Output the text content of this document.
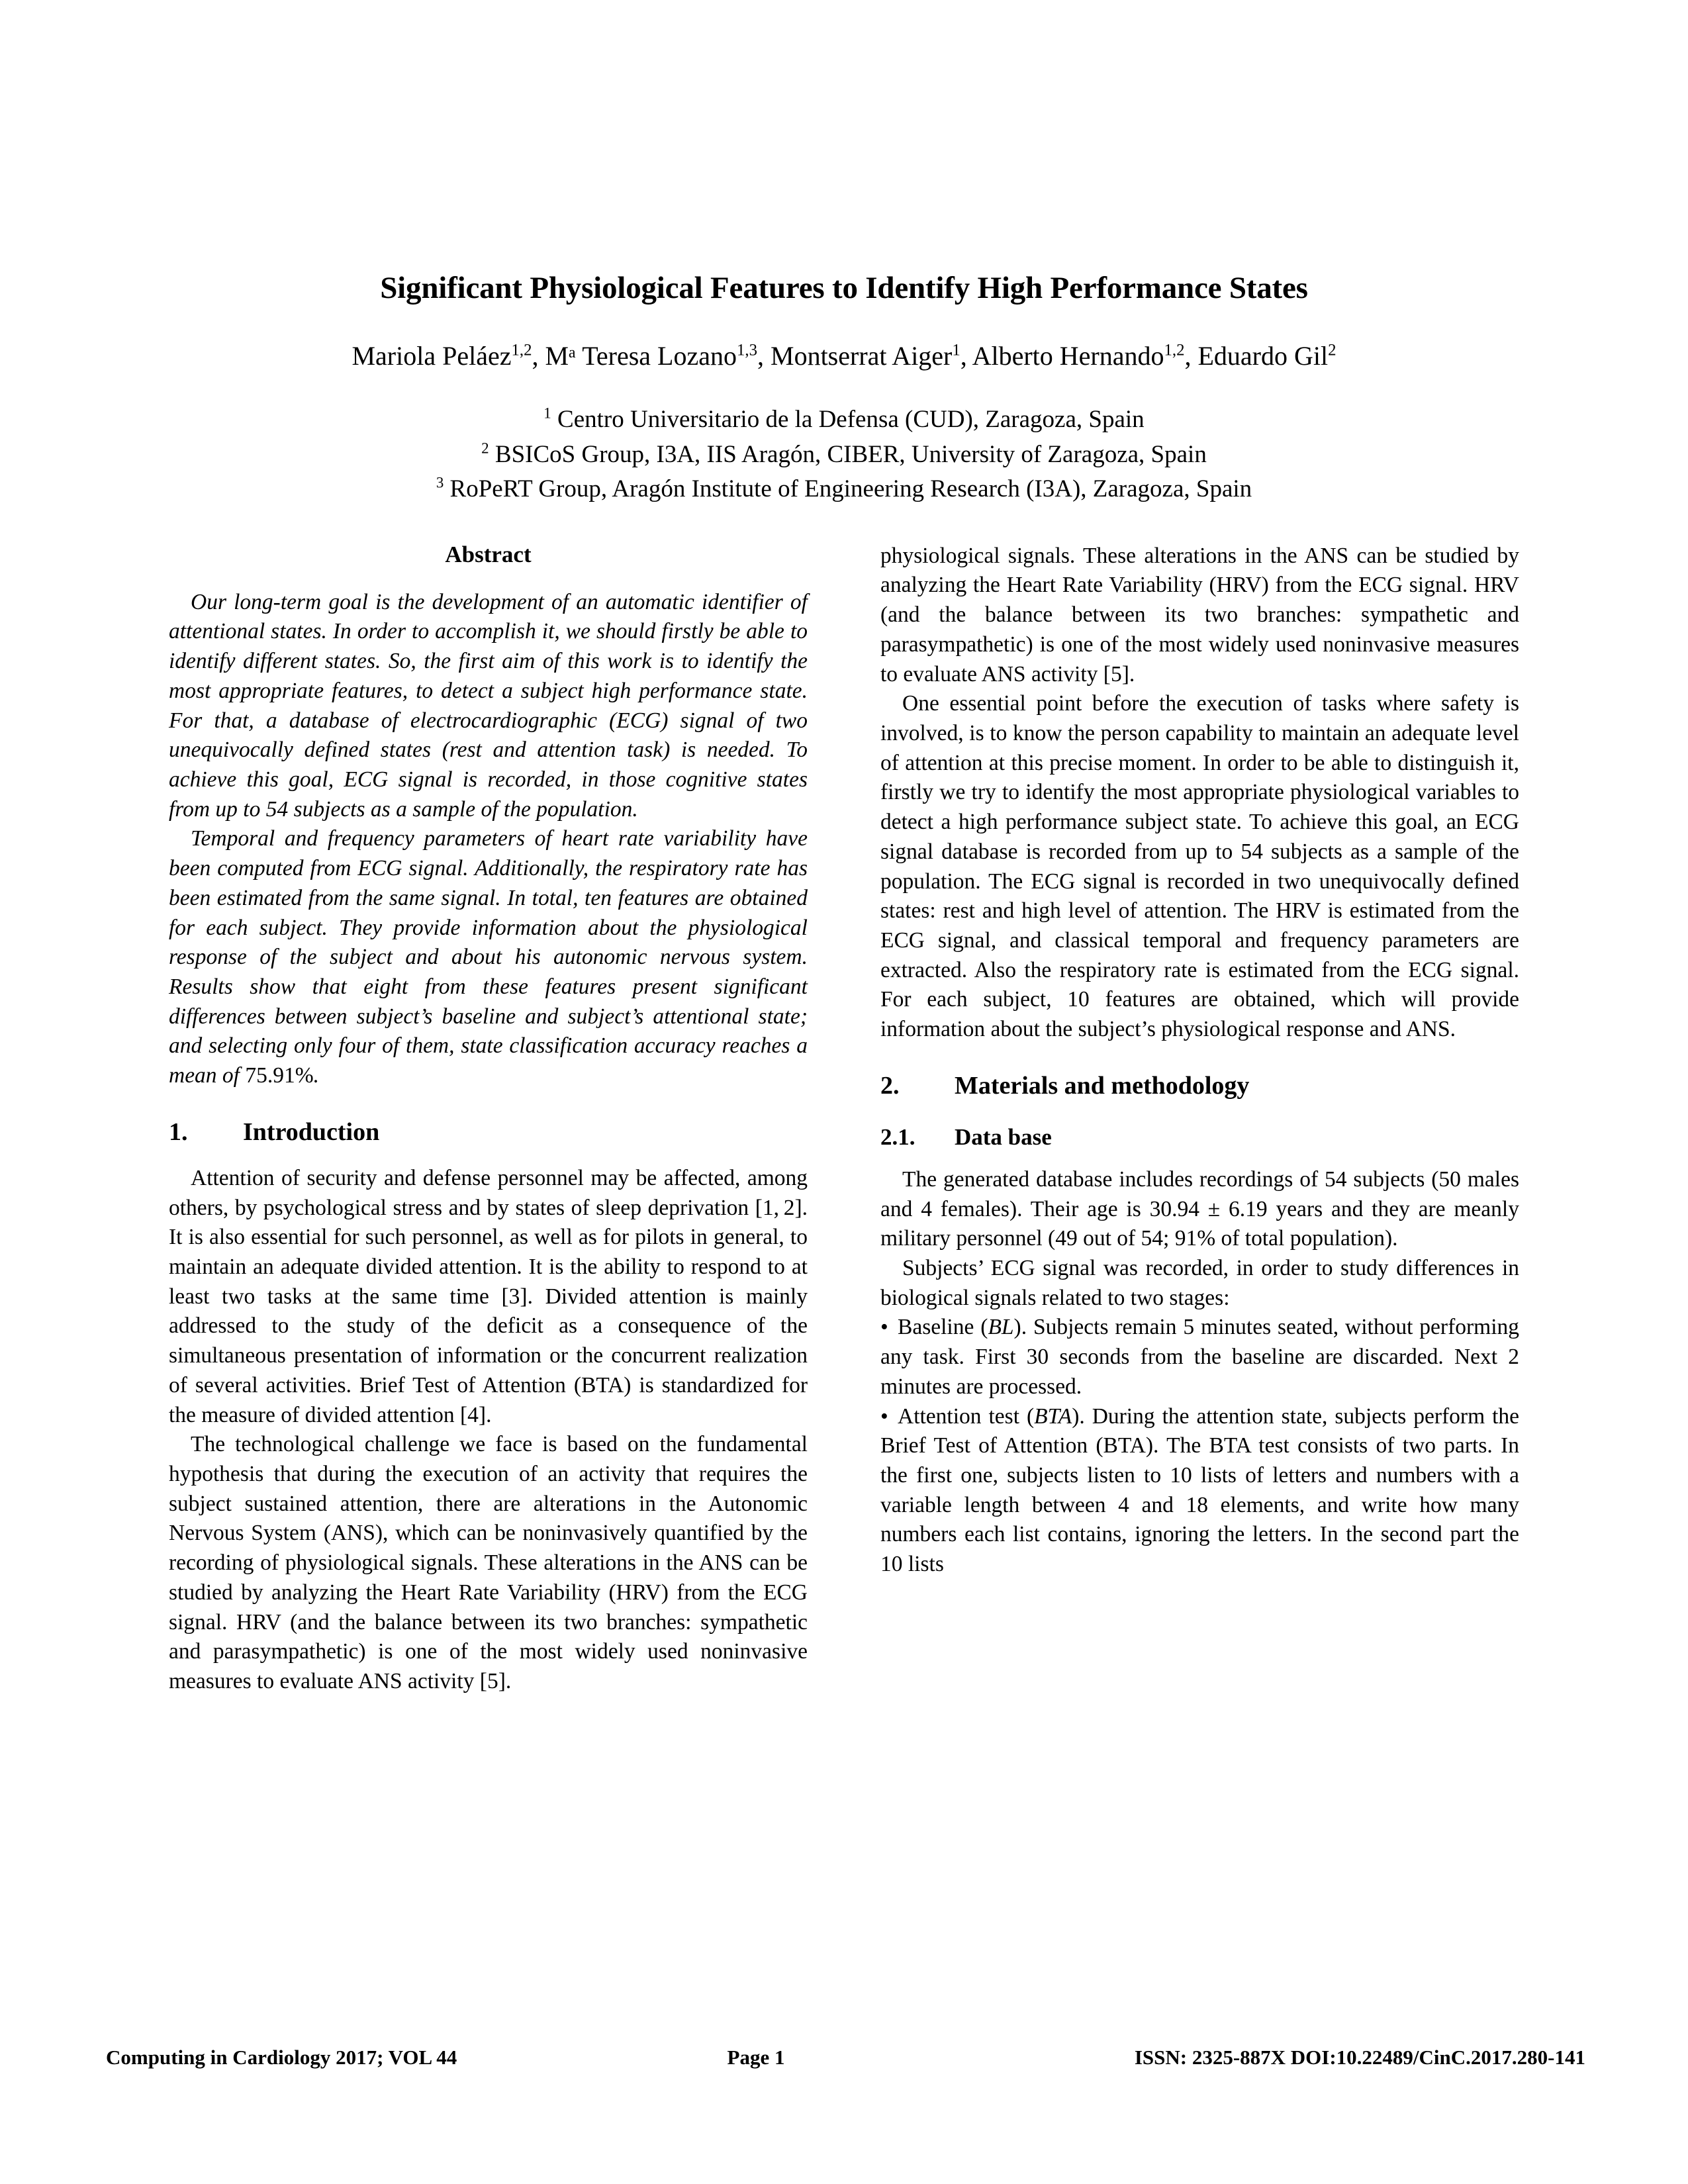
Significant Physiological Features to Identify High Performance States
Mariola Peláez$^{1,2}$, Mᵃ Teresa Lozano$^{1,3}$, Montserrat Aiger$^1$, Alberto Hernando$^{1,2}$, Eduardo Gil$^2$
$^1$ Centro Universitario de la Defensa (CUD), Zaragoza, Spain
$^2$ BSICoS Group, I3A, IIS Aragón, CIBER, University of Zaragoza, Spain
$^3$ RoPeRT Group, Aragón Institute of Engineering Research (I3A), Zaragoza, Spain
Abstract

Our long-term goal is the development of an automatic identifier of attentional states. In order to accomplish it, we should firstly be able to identify different states. So, the first aim of this work is to identify the most appropriate features, to detect a subject high performance state. For that, a database of electrocardiographic (ECG) signal of two unequivocally defined states (rest and attention task) is needed. To achieve this goal, ECG signal is recorded, in those cognitive states from up to 54 subjects as a sample of the population.

Temporal and frequency parameters of heart rate variability have been computed from ECG signal. Additionally, the respiratory rate has been estimated from the same signal. In total, ten features are obtained for each subject. They provide information about the physiological response of the subject and about his autonomic nervous system. Results show that eight from these features present significant differences between subject’s baseline and subject’s attentional state; and selecting only four of them, state classification accuracy reaches a mean of 75.91%.

1.	Introduction

Attention of security and defense personnel may be affected, among others, by psychological stress and by states of sleep deprivation [1, 2]. It is also essential for such personnel, as well as for pilots in general, to maintain an adequate divided attention. It is the ability to respond to at least two tasks at the same time [3]. Divided attention is mainly addressed to the study of the deficit as a consequence of the simultaneous presentation of information or the concurrent realization of several activities. Brief Test of Attention (BTA) is standardized for the measure of divided attention [4].

The technological challenge we face is based on the fundamental hypothesis that during the execution of an activity that requires the subject sustained attention, there are alterations in the Autonomic Nervous System (ANS), which can be noninvasively quantified by the recording of physiological signals. These alterations in the ANS can be studied by analyzing the Heart Rate Variability (HRV) from the ECG signal. HRV (and the balance between its two branches: sympathetic and parasympathetic) is one of the most widely used noninvasive measures to evaluate ANS activity [5].

physiological signals. These alterations in the ANS can be studied by analyzing the Heart Rate Variability (HRV) from the ECG signal. HRV (and the balance between its two branches: sympathetic and parasympathetic) is one of the most widely used noninvasive measures to evaluate ANS activity [5].

One essential point before the execution of tasks where safety is involved, is to know the person capability to maintain an adequate level of attention at this precise moment. In order to be able to distinguish it, firstly we try to identify the most appropriate physiological variables to detect a high performance subject state. To achieve this goal, an ECG signal database is recorded from up to 54 subjects as a sample of the population. The ECG signal is recorded in two unequivocally defined states: rest and high level of attention. The HRV is estimated from the ECG signal, and classical temporal and frequency parameters are extracted. Also the respiratory rate is estimated from the ECG signal. For each subject, 10 features are obtained, which will provide information about the subject’s physiological response and ANS.

2.	Materials and methodology
2.1.	Data base

The generated database includes recordings of 54 subjects (50 males and 4 females). Their age is 30.94 ± 6.19 years and they are meanly military personnel (49 out of 54; 91% of total population).

Subjects’ ECG signal was recorded, in order to study differences in biological signals related to two stages:

• Baseline (BL). Subjects remain 5 minutes seated, without performing any task. First 30 seconds from the baseline are discarded. Next 2 minutes are processed.

• Attention test (BTA). During the attention state, subjects perform the Brief Test of Attention (BTA). The BTA test consists of two parts. In the first one, subjects listen to 10 lists of letters and numbers with a variable length between 4 and 18 elements, and write how many numbers each list contains, ignoring the letters. In the second part the 10 lists

Computing in Cardiology 2017; VOL 44	Page 1	ISSN: 2325-887X DOI:10.22489/CinC.2017.280-141
